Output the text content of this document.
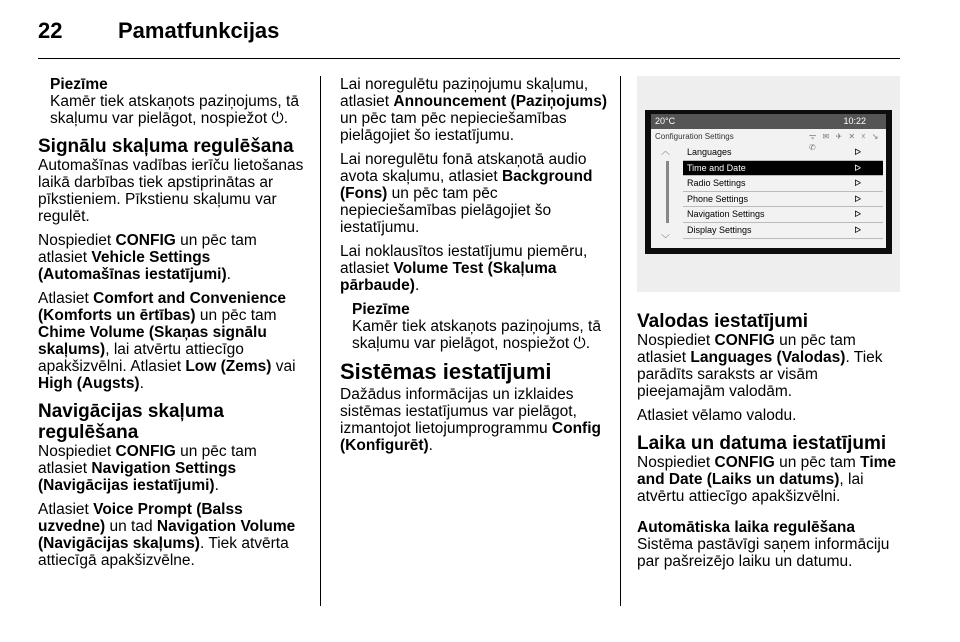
22	Pamatfunkcijas
Piezīme
Kamēr tiek atskaņots paziņojums, tā
skaļumu var pielāgot, nospiežot ⏻.
Signālu skaļuma regulēšana

Automašīnas vadības ierīču lietošanas laikā darbības tiek apstiprinātas ar pīkstieniem. Pīkstienu skaļumu var regulēt.

Nospiediet CONFIG un pēc tam atlasiet Vehicle Settings (Automašīnas iestatījumi).

Atlasiet Comfort and Convenience (Komforts un ērtības) un pēc tam Chime Volume (Skaņas signālu skaļums), lai atvērtu attiecīgo apakšizvēlni. Atlasiet Low (Zems) vai High (Augsts).

Navigācijas skaļuma
regulēšana

Nospiediet CONFIG un pēc tam atlasiet Navigation Settings (Navigācijas iestatījumi).

Atlasiet Voice Prompt (Balss uzvedne) un tad Navigation Volume (Navigācijas skaļums). Tiek atvērta attiecīgā apakšizvēlne.

Lai noregulētu paziņojumu skaļumu, atlasiet Announcement (Paziņojums) un pēc tam pēc nepieciešamības pielāgojiet šo iestatījumu.

Lai noregulētu fonā atskaņotā audio avota skaļumu, atlasiet Background (Fons) un pēc tam pēc nepieciešamības pielāgojiet šo iestatījumu.

Lai noklausītos iestatījumu piemēru, atlasiet Volume Test (Skaļuma pārbaude).

Piezīme
Kamēr tiek atskaņots paziņojums, tā
skaļumu var pielāgot, nospiežot ⏻.
Sistēmas iestatījumi

Dažādus informācijas un izklaides sistēmas iestatījumus var pielāgot, izmantojot lietojumprogrammu Config (Konfigurēt).

20°C	10:22
Configuration Settings	ᯤ ✉ ✈ ✕ ☓ ↘ ✆
︿
﹀
Languages	ᐅ
Time and Date	ᐅ
Radio Settings	ᐅ
Phone Settings	ᐅ
Navigation Settings	ᐅ
Display Settings	ᐅ
Valodas iestatījumi

Nospiediet CONFIG un pēc tam atlasiet Languages (Valodas). Tiek parādīts saraksts ar visām pieejamajām valodām.

Atlasiet vēlamo valodu.

Laika un datuma iestatījumi

Nospiediet CONFIG un pēc tam Time and Date (Laiks un datums), lai atvērtu attiecīgo apakšizvēlni.

Automātiska laika regulēšana

Sistēma pastāvīgi saņem informāciju par pašreizējo laiku un datumu.
